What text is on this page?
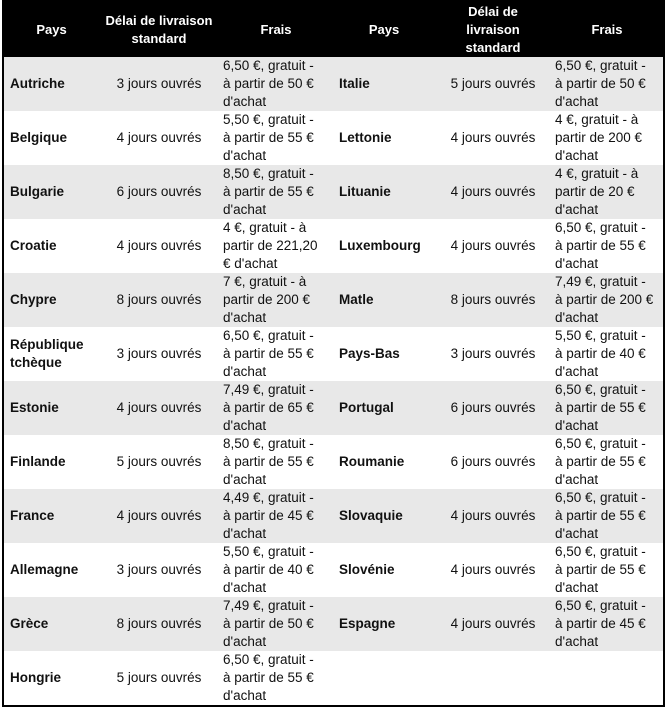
Pays	Délai de livraison
standard	Frais	Pays	Délai de
livraison
standard	Frais
Autriche	3 jours ouvrés	6,50 €, gratuit -
à partir de 50 €
d'achat	Italie	5 jours ouvrés	6,50 €, gratuit -
à partir de 50 €
d'achat
Belgique	4 jours ouvrés	5,50 €, gratuit -
à partir de 55 €
d'achat	Lettonie	4 jours ouvrés	4 €, gratuit - à
partir de 200 €
d'achat
Bulgarie	6 jours ouvrés	8,50 €, gratuit -
à partir de 55 €
d'achat	Lituanie	4 jours ouvrés	4 €, gratuit - à
partir de 20 €
d'achat
Croatie	4 jours ouvrés	4 €, gratuit - à
partir de 221,20
€ d'achat	Luxembourg	4 jours ouvrés	6,50 €, gratuit -
à partir de 55 €
d'achat
Chypre	8 jours ouvrés	7 €, gratuit - à
partir de 200 €
d'achat	Matle	8 jours ouvrés	7,49 €, gratuit -
à partir de 200 €
d'achat
République
tchèque	3 jours ouvrés	6,50 €, gratuit -
à partir de 55 €
d'achat	Pays-Bas	3 jours ouvrés	5,50 €, gratuit -
à partir de 40 €
d'achat
Estonie	4 jours ouvrés	7,49 €, gratuit -
à partir de 65 €
d'achat	Portugal	6 jours ouvrés	6,50 €, gratuit -
à partir de 55 €
d'achat
Finlande	5 jours ouvrés	8,50 €, gratuit -
à partir de 55 €
d'achat	Roumanie	6 jours ouvrés	6,50 €, gratuit -
à partir de 55 €
d'achat
France	4 jours ouvrés	4,49 €, gratuit -
à partir de 45 €
d'achat	Slovaquie	4 jours ouvrés	6,50 €, gratuit -
à partir de 55 €
d'achat
Allemagne	3 jours ouvrés	5,50 €, gratuit -
à partir de 40 €
d'achat	Slovénie	4 jours ouvrés	6,50 €, gratuit -
à partir de 55 €
d'achat
Grèce	8 jours ouvrés	7,49 €, gratuit -
à partir de 50 €
d'achat	Espagne	4 jours ouvrés	6,50 €, gratuit -
à partir de 45 €
d'achat
Hongrie	5 jours ouvrés	6,50 €, gratuit -
à partir de 55 €
d'achat			
